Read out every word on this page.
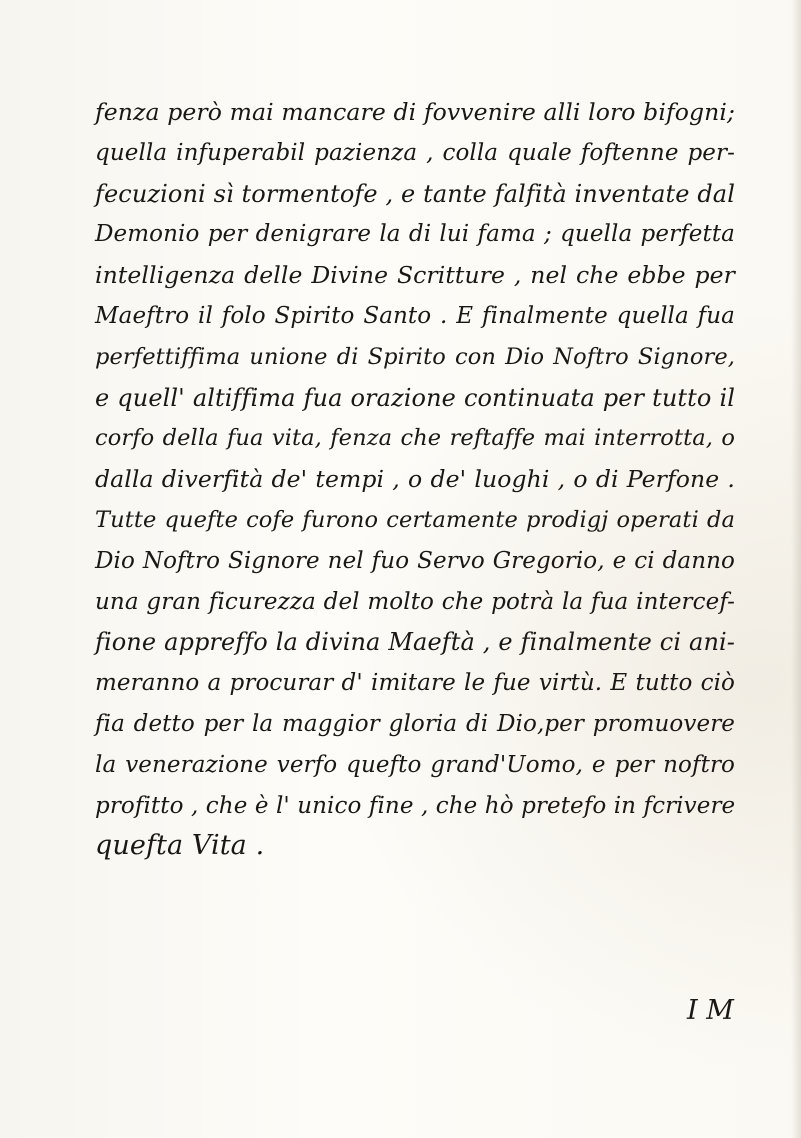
fenza però mai mancare di fovvenire alli loro bifogni;
quella infuperabil pazienza , colla quale foftenne per-
fecuzioni sì tormentofe , e tante falfità inventate dal
Demonio per denigrare la di lui fama ; quella perfetta
intelligenza delle Divine Scritture , nel che ebbe per
Maeftro il folo Spirito Santo . E finalmente quella fua
perfettiffima unione di Spirito con Dio Noftro Signore,
e quell' altiffima fua orazione continuata per tutto il
corfo della fua vita, fenza che reftaffe mai interrotta, o
dalla diverfità de' tempi , o de' luoghi , o di Perfone .
Tutte quefte cofe furono certamente prodigj operati da
Dio Noftro Signore nel fuo Servo Gregorio, e ci danno
una gran ficurezza del molto che potrà la fua intercef-
fione appreffo la divina Maeftà , e finalmente ci ani-
meranno a procurar d' imitare le fue virtù. E tutto ciò
fia detto per la maggior gloria di Dio,per promuovere
la venerazione verfo quefto grand'Uomo, e per noftro
profitto , che è l' unico fine , che hò pretefo in fcrivere
quefta Vita .
I M
